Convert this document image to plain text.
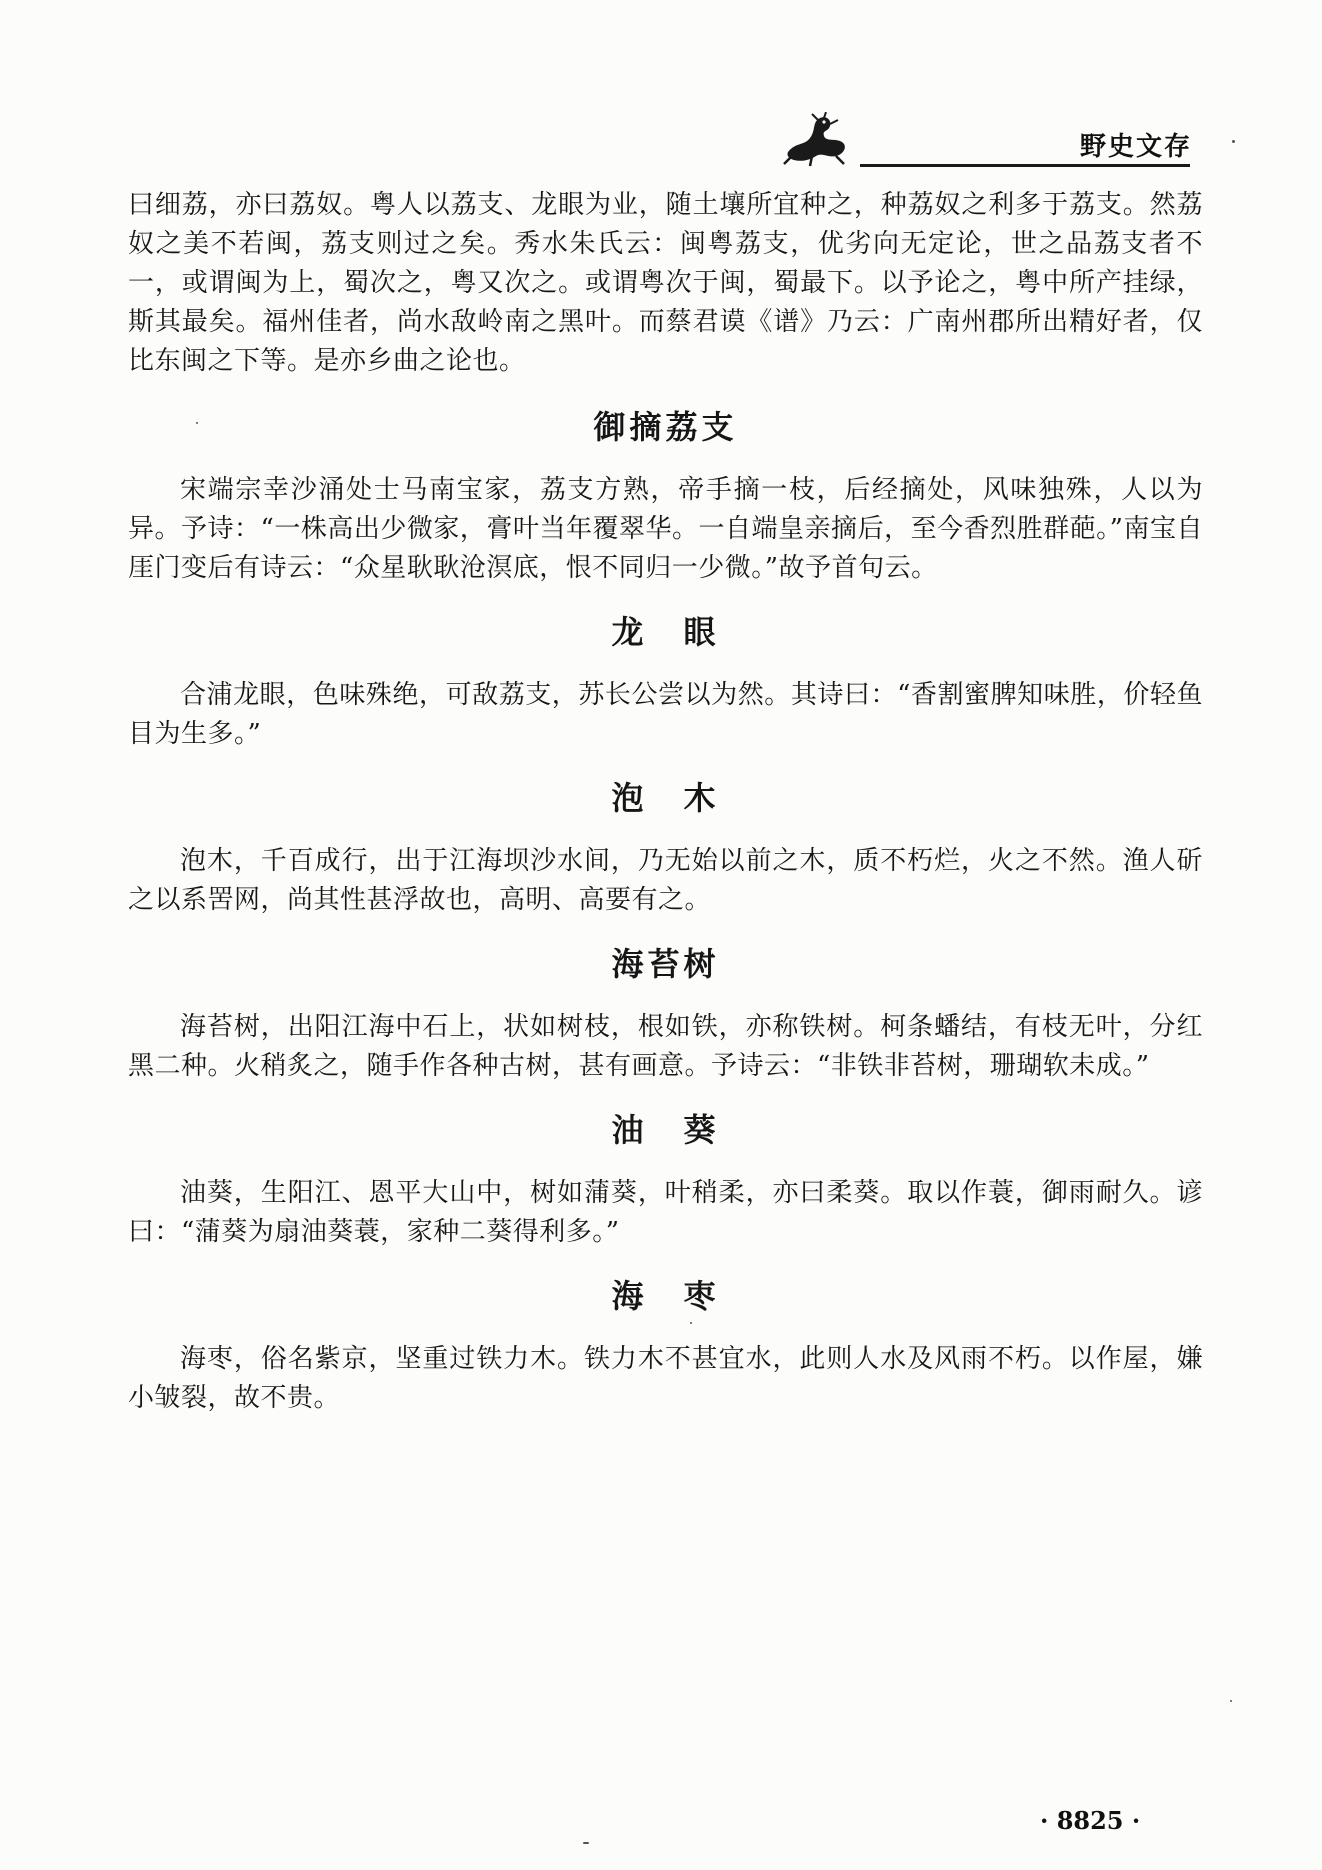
野史文存

曰细荔，亦曰荔奴。粤人以荔支、龙眼为业，随土壤所宜种之，种荔奴之利多于荔支。然荔奴之美不若闽，荔支则过之矣。秀水朱氏云：闽粤荔支，优劣向无定论，世之品荔支者不一，或谓闽为上，蜀次之，粤又次之。或谓粤次于闽，蜀最下。以予论之，粤中所产挂绿，斯其最矣。福州佳者，尚水敌岭南之黑叶。而蔡君谟《谱》乃云：广南州郡所出精好者，仅比东闽之下等。是亦乡曲之论也。

御摘荔支

宋端宗幸沙涌处士马南宝家，荔支方熟，帝手摘一枝，后经摘处，风味独殊，人以为异。予诗：“一株高出少微家，膏叶当年覆翠华。一自端皇亲摘后，至今香烈胜群葩。”南宝自厓门变后有诗云：“众星耿耿沧溟底，恨不同归一少微。”故予首句云。

龙　眼

合浦龙眼，色味殊绝，可敌荔支，苏长公尝以为然。其诗曰：“香割蜜脾知味胜，价轻鱼目为生多。”

泡　木

泡木，千百成行，出于江海坝沙水间，乃无始以前之木，质不朽烂，火之不然。渔人斫之以系罟网，尚其性甚浮故也，高明、高要有之。

海苔树

海苔树，出阳江海中石上，状如树枝，根如铁，亦称铁树。柯条蟠结，有枝无叶，分红黑二种。火稍炙之，随手作各种古树，甚有画意。予诗云：“非铁非苔树，珊瑚软未成。”

油　葵

油葵，生阳江、恩平大山中，树如蒲葵，叶稍柔，亦曰柔葵。取以作蓑，御雨耐久。谚曰：“蒲葵为扇油葵蓑，家种二葵得利多。”

海　枣

海枣，俗名紫京，坚重过铁力木。铁力木不甚宜水，此则人水及风雨不朽。以作屋，嫌小皱裂，故不贵。

· 8825 ·
